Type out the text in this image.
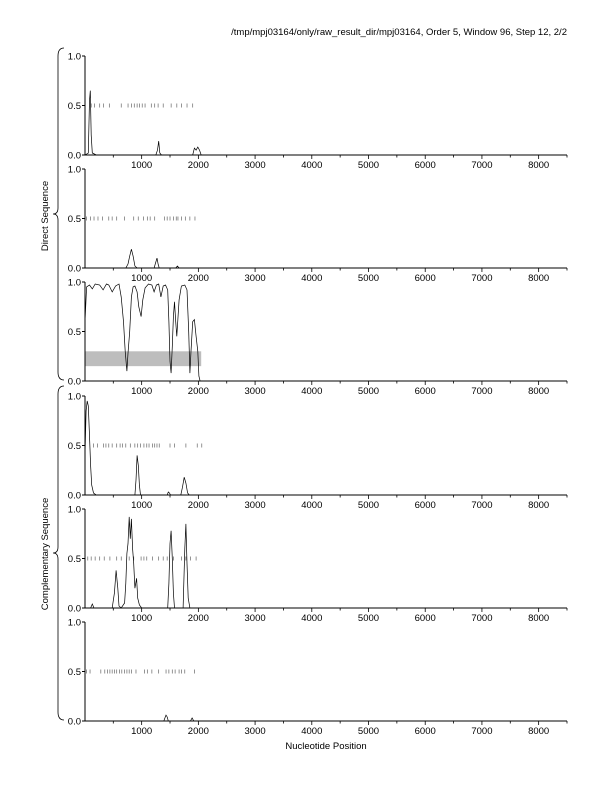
/tmp/mpj03164/only/raw_result_dir/mpj03164, Order 5, Window 96, Step 12, 2/2
0.0
0.5
1.0
1000	2000	3000	4000	5000	6000	7000	8000
0.0
0.5
1.0
1000	2000	3000	4000	5000	6000	7000	8000
0.0
0.5
1.0
1000	2000	3000	4000	5000	6000	7000	8000
0.0
0.5
1.0
1000	2000	3000	4000	5000	6000	7000	8000
0.0
0.5
1.0
1000	2000	3000	4000	5000	6000	7000	8000
0.0
0.5
1.0
1000	2000	3000	4000	5000	6000	7000	8000
Direct Sequence
Complementary Sequence
Nucleotide Position
